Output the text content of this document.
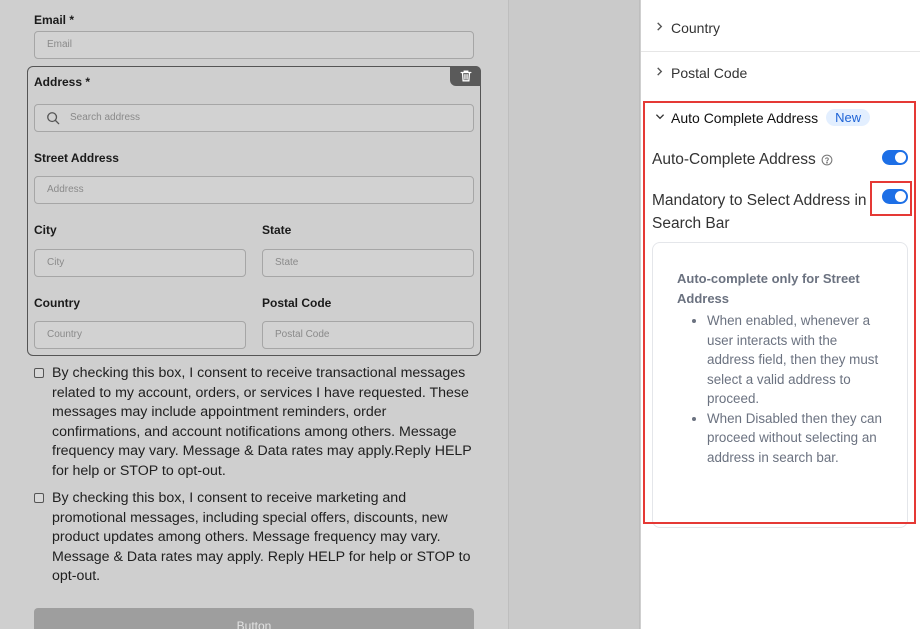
Email *
Email
Address *
Search address
Street Address
Address
City
City
State
State
Country
Country
Postal Code
Postal Code
By checking this box, I consent to receive transactional messages related to my account, orders, or services I have requested. These messages may include appointment reminders, order confirmations, and account notifications among others. Message frequency may vary. Message & Data rates may apply.Reply HELP for help or STOP to opt-out.
By checking this box, I consent to receive marketing and promotional messages, including special offers, discounts, new product updates among others. Message frequency may vary. Message & Data rates may apply. Reply HELP for help or STOP to opt-out.
Button
Country
Postal Code
Auto Complete Address	New
Auto-Complete Address
Mandatory to Select Address in Search Bar
Auto-complete only for Street Address
• When enabled, whenever a user interacts with the address field, then they must select a valid address to proceed.
• When Disabled then they can proceed without selecting an address in search bar.
